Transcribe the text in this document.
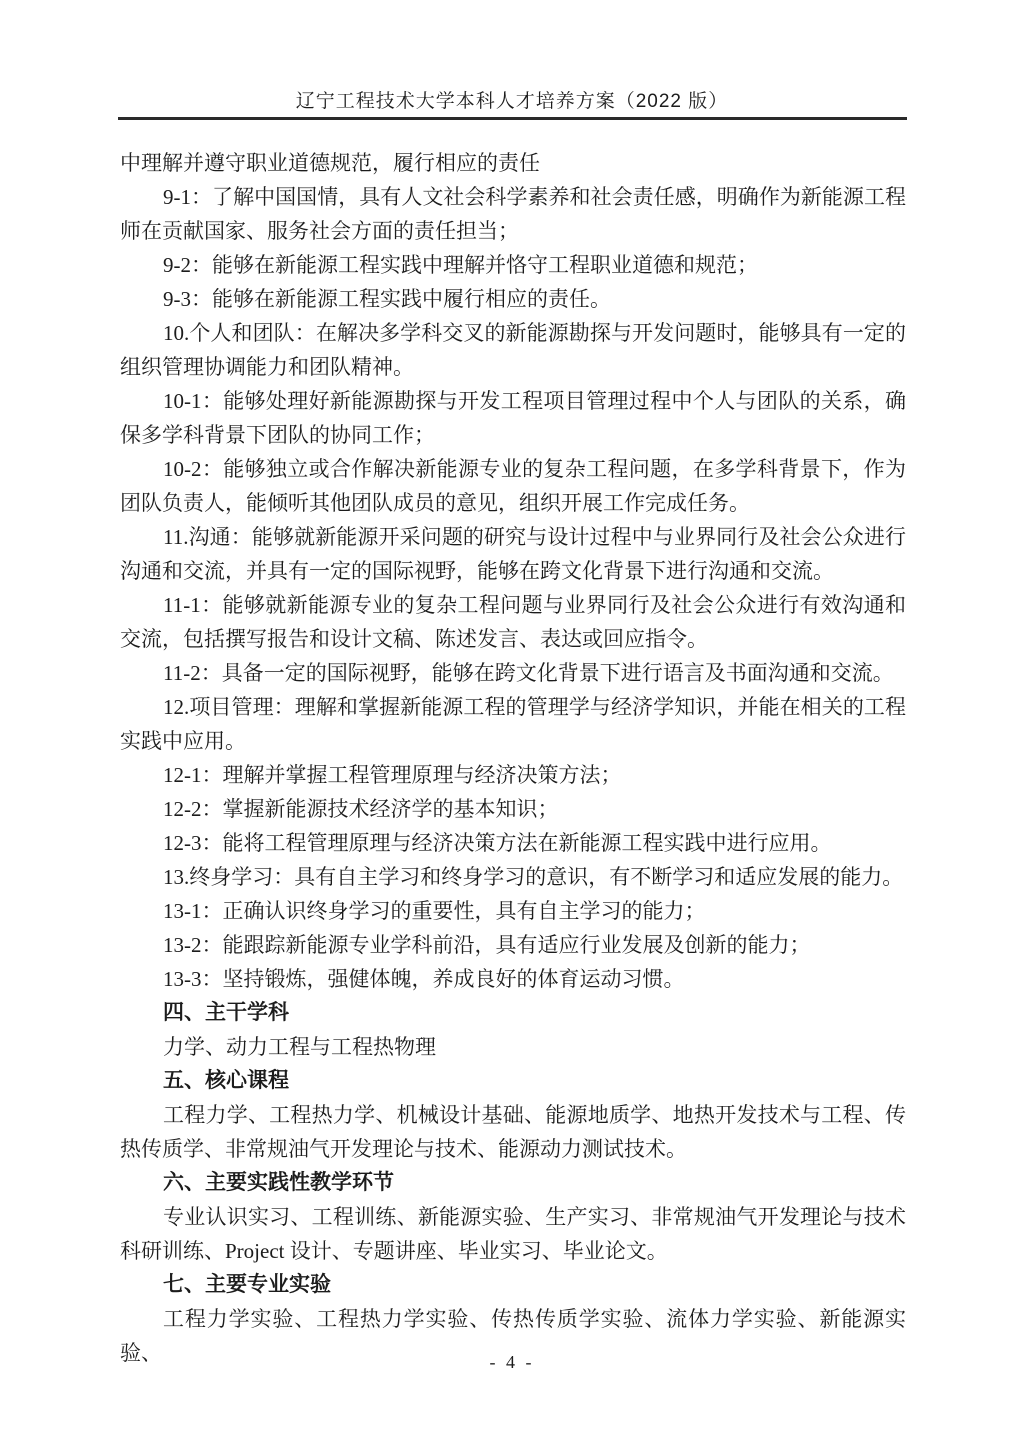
辽宁工程技术大学本科人才培养方案（2022 版）

中理解并遵守职业道德规范，履行相应的责任

9-1：了解中国国情，具有人文社会科学素养和社会责任感，明确作为新能源工程师在贡献国家、服务社会方面的责任担当；

9-2：能够在新能源工程实践中理解并恪守工程职业道德和规范；

9-3：能够在新能源工程实践中履行相应的责任。

10.个人和团队：在解决多学科交叉的新能源勘探与开发问题时，能够具有一定的组织管理协调能力和团队精神。

10-1：能够处理好新能源勘探与开发工程项目管理过程中个人与团队的关系，确保多学科背景下团队的协同工作；

10-2：能够独立或合作解决新能源专业的复杂工程问题，在多学科背景下，作为团队负责人，能倾听其他团队成员的意见，组织开展工作完成任务。

11.沟通：能够就新能源开采问题的研究与设计过程中与业界同行及社会公众进行沟通和交流，并具有一定的国际视野，能够在跨文化背景下进行沟通和交流。

11-1：能够就新能源专业的复杂工程问题与业界同行及社会公众进行有效沟通和交流，包括撰写报告和设计文稿、陈述发言、表达或回应指令。

11-2：具备一定的国际视野，能够在跨文化背景下进行语言及书面沟通和交流。

12.项目管理：理解和掌握新能源工程的管理学与经济学知识，并能在相关的工程实践中应用。

12-1：理解并掌握工程管理原理与经济决策方法；

12-2：掌握新能源技术经济学的基本知识；

12-3：能将工程管理原理与经济决策方法在新能源工程实践中进行应用。

13.终身学习：具有自主学习和终身学习的意识，有不断学习和适应发展的能力。

13-1：正确认识终身学习的重要性，具有自主学习的能力；

13-2：能跟踪新能源专业学科前沿，具有适应行业发展及创新的能力；

13-3：坚持锻炼，强健体魄，养成良好的体育运动习惯。

四、主干学科

力学、动力工程与工程热物理

五、核心课程

工程力学、工程热力学、机械设计基础、能源地质学、地热开发技术与工程、传热传质学、非常规油气开发理论与技术、能源动力测试技术。

六、主要实践性教学环节

专业认识实习、工程训练、新能源实验、生产实习、非常规油气开发理论与技术科研训练、Project 设计、专题讲座、毕业实习、毕业论文。

七、主要专业实验

工程力学实验、工程热力学实验、传热传质学实验、流体力学实验、新能源实验、	- 4 -
